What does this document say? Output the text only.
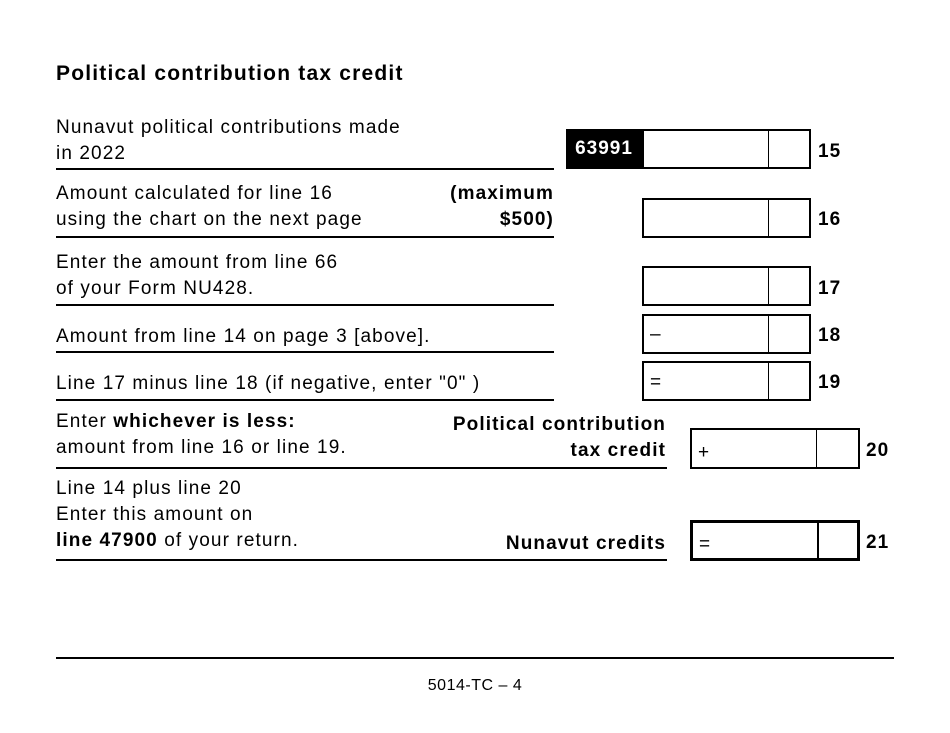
Political contribution tax credit
Nunavut political contributions made
in 2022	63991	15
Amount calculated for line 16
using the chart on the next page
(maximum
$500)	16
Enter the amount from line 66
of your Form NU428.	17
Amount from line 14 on page 3 [above].	–	18
Line 17 minus line 18 (if negative, enter "0" )	=	19
Enter whichever is less:
amount from line 16 or line 19.
Political contribution
tax credit +	20
Line 14 plus line 20
Enter this amount on
line 47900 of your return.	Nunavut credits =	21
5014-TC – 4
